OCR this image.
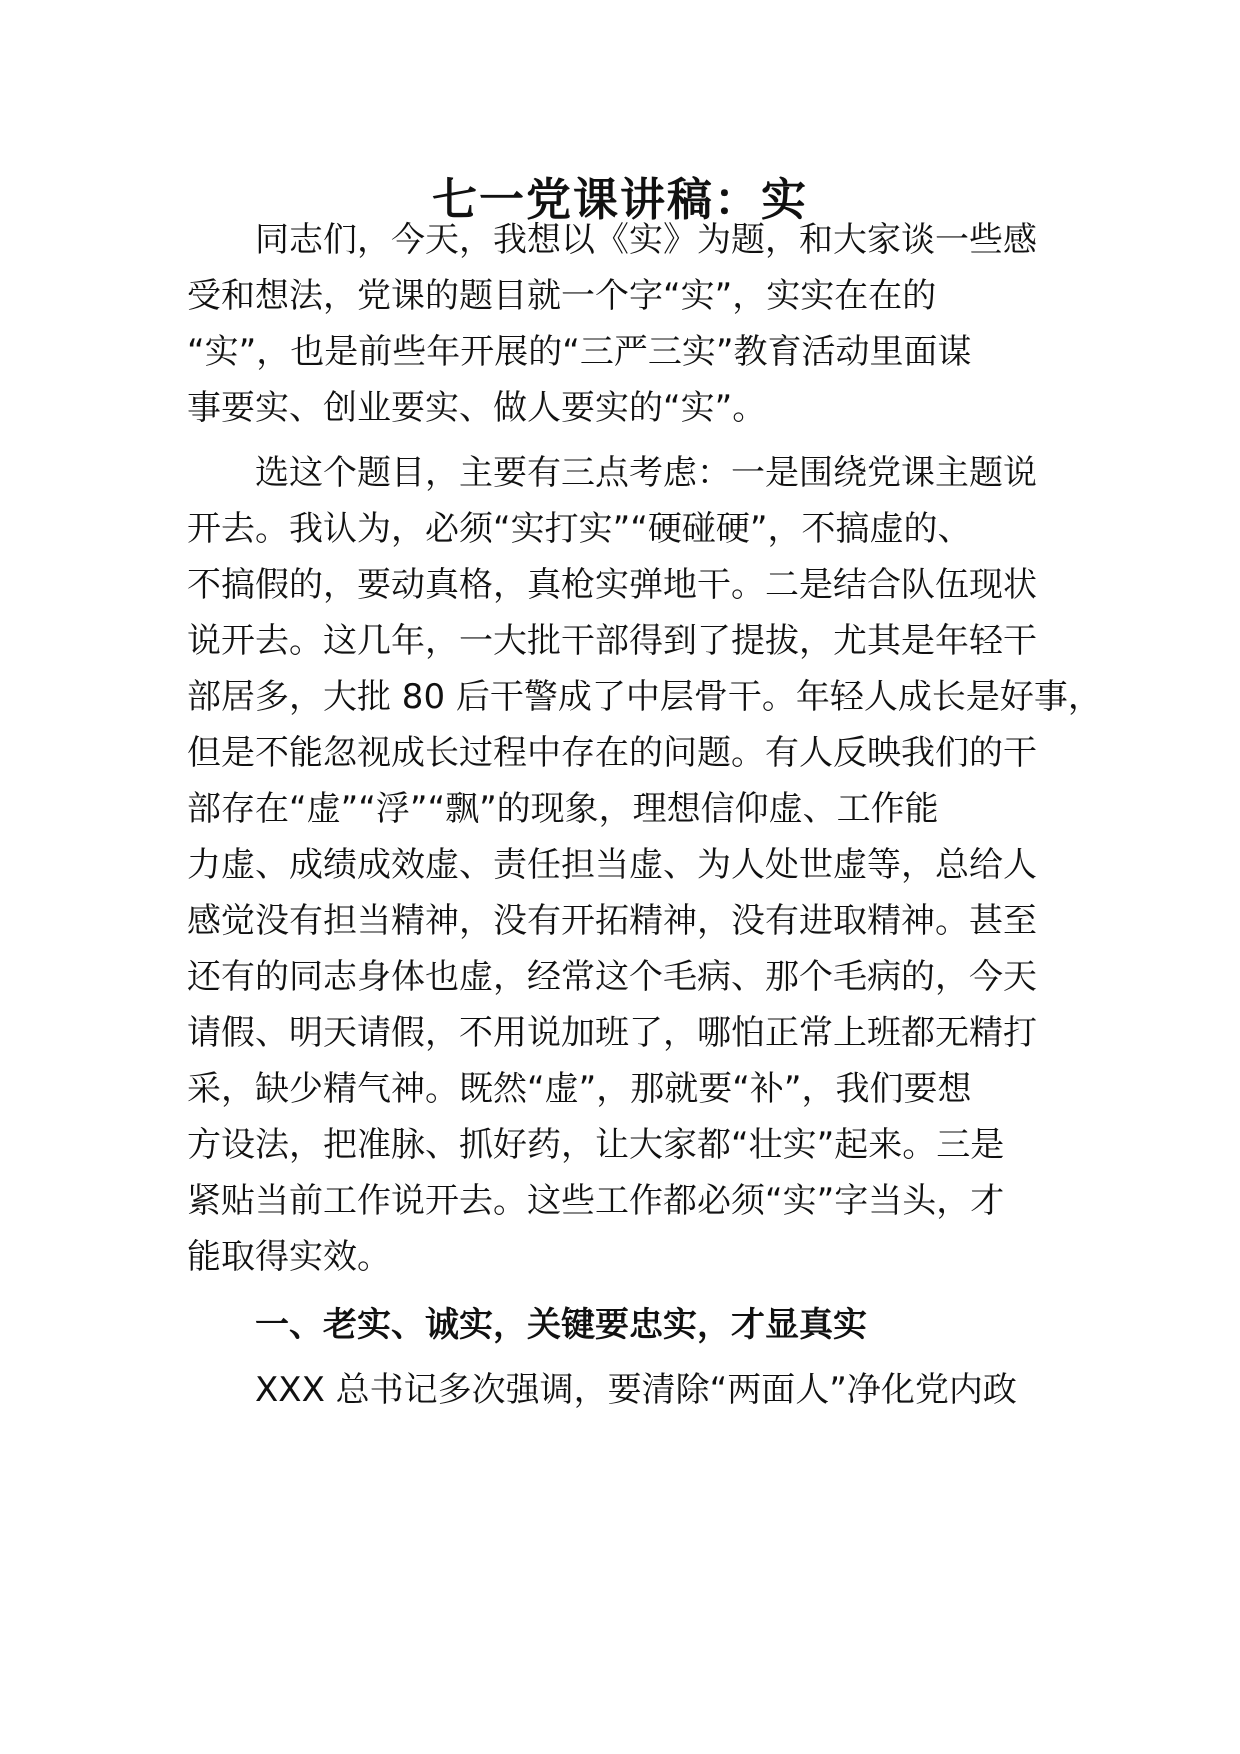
七一党课讲稿：实
　　同志们，今天，我想以《实》为题，和大家谈一些感
受和想法，党课的题目就一个字“实”，实实在在的
“实”，也是前些年开展的“三严三实”教育活动里面谋
事要实、创业要实、做人要实的“实”。
　　选这个题目，主要有三点考虑：一是围绕党课主题说
开去。我认为，必须“实打实”“硬碰硬”，不搞虚的、
不搞假的，要动真格，真枪实弹地干。二是结合队伍现状
说开去。这几年，一大批干部得到了提拔，尤其是年轻干
部居多，大批 80 后干警成了中层骨干。年轻人成长是好事，
但是不能忽视成长过程中存在的问题。有人反映我们的干
部存在“虚”“浮”“飘”的现象，理想信仰虚、工作能
力虚、成绩成效虚、责任担当虚、为人处世虚等，总给人
感觉没有担当精神，没有开拓精神，没有进取精神。甚至
还有的同志身体也虚，经常这个毛病、那个毛病的，今天
请假、明天请假，不用说加班了，哪怕正常上班都无精打
采，缺少精气神。既然“虚”，那就要“补”，我们要想
方设法，把准脉、抓好药，让大家都“壮实”起来。三是
紧贴当前工作说开去。这些工作都必须“实”字当头，才
能取得实效。
　　一、老实、诚实，关键要忠实，才显真实
　　XXX 总书记多次强调，要清除“两面人”净化党内政
